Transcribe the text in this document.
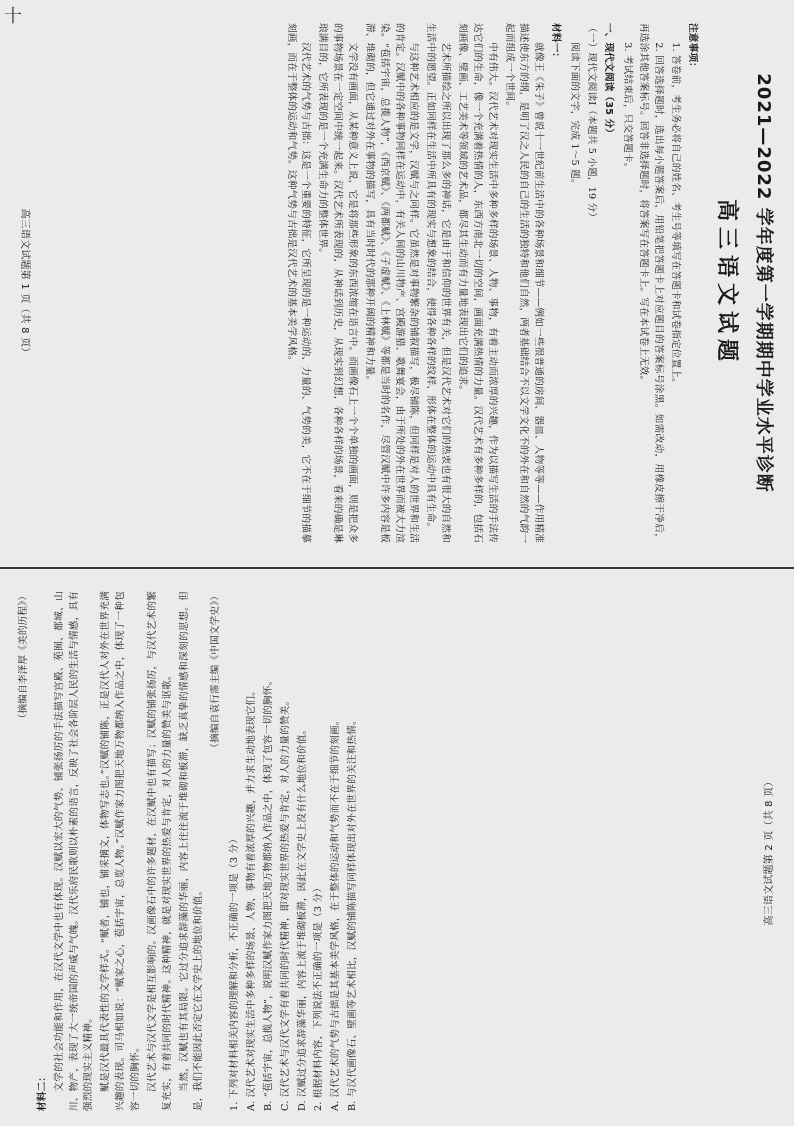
十
2021—2022 学年度第一学期期中学业水平诊断
高三语文试题
注意事项：

1. 答卷前，考生务必将自己的姓名、考生号等填写在答题卡和试卷指定位置上。

2. 回答选择题时，选出每小题答案后，用铅笔把答题卡上对应题目的答案标号涂黑。如需改动，用橡皮擦干净后，再选涂其他答案标号。回答非选择题时，将答案写在答题卡上。写在本试卷上无效。

3. 考试结束后，只交答题卡。

一、现代文阅读（35 分）

（一）现代文阅读Ⅰ（本题共 5 小题，19 分）

阅读下面的文字，完成 1～5 题。

材料一：

就像王《朱子》曾说十一世纪前生活中的各种场景和细节——例如一些很普通的房间、器皿、人物等等——作用精准描述使东方的纲，是明了汉之人民的自己的生活的独特和他们自然，两者基础结合不以文学文化不的外在和自然的气韵一起而组成一个世间。

中有伟大。汉代艺术对现实生活中多种多样的场景、人物、事物，有着主动而浓厚的兴趣，作为以描写生活的手法传达它们的生命，像一个充满着热情的人，东西方南北一切的空间，画面充满热情的力量。汉代艺术有多种多样的，包括石刻画像、壁画、工艺美术等领域的艺术品，都尽其生动而有力量地表现出它们的追求。

艺术所描绘之所以出现了那么多的神话，它是由于和信仰的世界有关，但是汉代艺术对它们的热衷也有很大的自然和生活中的愿望。正如同样在生活中所具有的现实与想象的结合，使得各种各样的纹样、形体在整体的运动中具有生命。

与这种艺术相应的是文学，汉赋与之同样。它虽然是对事物繁杂的铺叙描写，极尽铺陈，但同样是对人的世界和生活的肯定。汉赋中的各种事物同样在运动中，有关人间的山川物产、宫殿游猎、歌舞宴会，由于所处的外在世界而被大力渲染。“苞括宇宙，总揽人物”，《西京赋》、《两都赋》、《子虚赋》、《上林赋》等都是当时的名作，尽管汉赋中许多内容是板滞、堆砌的，但它通过对外在事物的描写，具有当时时代的那种开阔的精神和力量。

文学没有画面，从某种意义上说，它是将那些形象的东西浓缩在语言中。而画像石上一个个单独的画面，则是把众多的事物场景在一定空间中统一起来。汉代艺术所表现的，从神话到历史，从现实到幻想，各种各样的场景，看来的确是琳琅满目的，它所表现的是一个充满生命力的整体世界。

汉代艺术的气势与古拙：这是一个重要的特征，它所呈现的是一种运动的、力量的、气势的美，它不在于细节的描摹刻画，而在于整体的运动和气势。这种气势与古拙是汉代艺术的基本美学风格。

高三语文试题第 1 页（共 8 页）

（摘编自李泽厚《美的历程》）

材料二： 文学的社会功能和作用，在汉代文学中也有体现。汉赋以宏大的气势、铺张扬厉的手法描写宫殿、苑囿、都城、山川、物产，表现了大一统帝国的声威与气魄。汉代乐府民歌则以朴素的语言，反映了社会各阶层人民的生活与情感，具有强烈的现实主义精神。 赋是汉代最具代表性的文学样式。“赋者，铺也，铺采摛文，体物写志也。”汉赋的铺陈，正是汉代人对外在世界充满兴趣的表现。司马相如说：“赋家之心，苞括宇宙，总览人物。”汉赋作家力图把天地万物都纳入作品之中，体现了一种包容一切的胸怀。 汉代艺术与汉代文学是相互影响的。汉画像石中的许多题材，在汉赋中也有描写；汉赋的铺张扬厉，与汉代艺术的繁复充实，有着共同的时代精神。这种精神，就是对现实世界的热爱与肯定，对人的力量的赞美与讴歌。 当然，汉赋也有其局限。它过分追求辞藻的华丽，内容上往往流于堆砌和板滞，缺乏真挚的情感和深刻的思想。但是，我们不能因此否定它在文学史上的地位和价值。

（摘编自袁行霈主编《中国文学史》）

1. 下列对材料相关内容的理解和分析，不正确的一项是（3 分） A. 汉代艺术对现实生活中多种多样的场景、人物、事物有着浓厚的兴趣，并力求生动地表现它们。 B. “苞括宇宙，总揽人物”，说明汉赋作家力图把天地万物都纳入作品之中，体现了包容一切的胸怀。 C. 汉代艺术与汉代文学有着共同的时代精神，即对现实世界的热爱与肯定，对人的力量的赞美。 D. 汉赋过分追求辞藻华丽，内容上流于堆砌板滞，因此在文学史上没有什么地位和价值。 2. 根据材料内容，下列说法不正确的一项是（3 分） A. 汉代艺术的气势与古拙是其基本美学风格，在于整体的运动和气势而不在于细节的刻画。 B. 与汉代画像石、壁画等艺术相比，汉赋的铺陈描写同样体现出对外在世界的关注和热情。	高三语文试题第 2 页（共 8 页）
